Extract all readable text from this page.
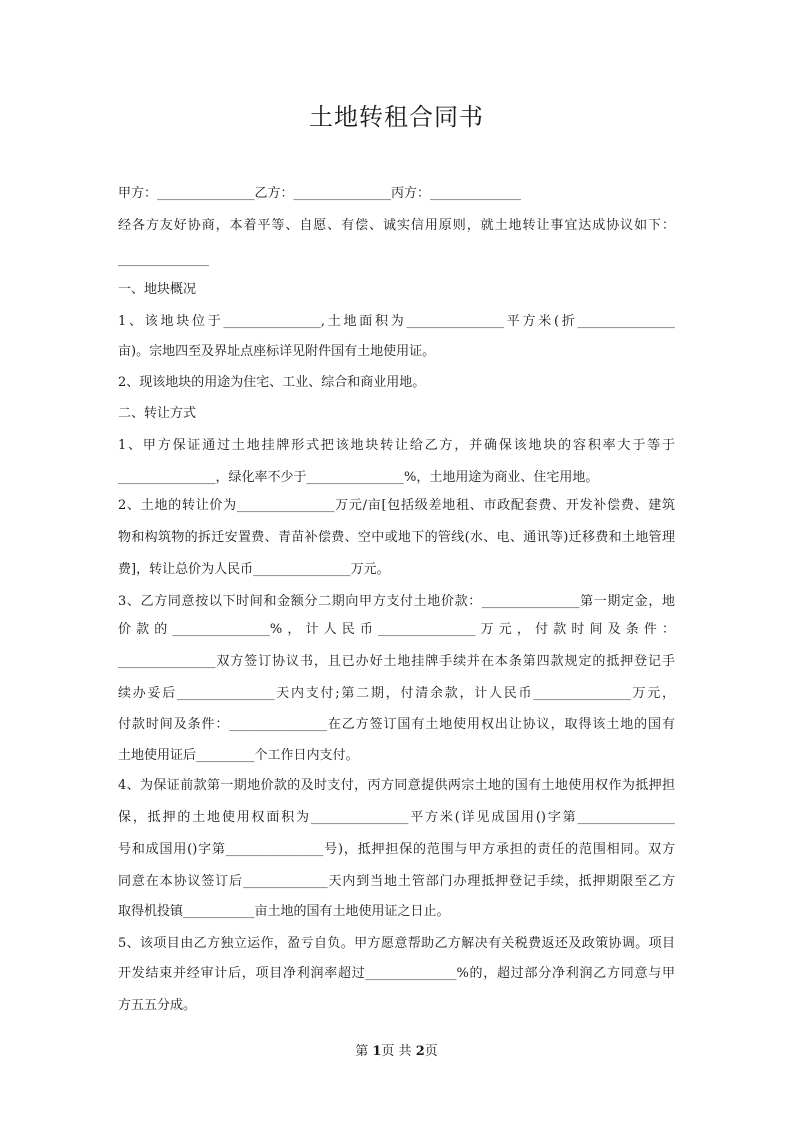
土地转租合同书
甲方：_______________乙方：_______________丙方：______________
经各方友好协商，本着平等、自愿、有偿、诚实信用原则，就土地转让事宜达成协议如下：
______________
一、地块概况
1、该地块位于_______________,土地面积为_______________平方米(折_______________
亩)。宗地四至及界址点座标详见附件国有土地使用证。
2、现该地块的用途为住宅、工业、综合和商业用地。
二、转让方式
1、甲方保证通过土地挂牌形式把该地块转让给乙方，并确保该地块的容积率大于等于
_______________，绿化率不少于_______________%，土地用途为商业、住宅用地。
2、土地的转让价为_______________万元/亩[包括级差地租、市政配套费、开发补偿费、建筑
物和构筑物的拆迁安置费、青苗补偿费、空中或地下的管线(水、电、通讯等)迁移费和土地管理
费]，转让总价为人民币_______________万元。
3、乙方同意按以下时间和金额分二期向甲方支付土地价款：_______________第一期定金，地
价款的_______________%，计人民币_______________万元，付款时间及条件：
_______________双方签订协议书，且已办好土地挂牌手续并在本条第四款规定的抵押登记手
续办妥后_______________天内支付;第二期，付清余款，计人民币_______________万元，
付款时间及条件：_______________在乙方签订国有土地使用权出让协议，取得该土地的国有
土地使用证后_________个工作日内支付。
4、为保证前款第一期地价款的及时支付，丙方同意提供两宗土地的国有土地使用权作为抵押担
保，抵押的土地使用权面积为_______________平方米(详见成国用()字第_______________
号和成国用()字第_______________号)，抵押担保的范围与甲方承担的责任的范围相同。双方
同意在本协议签订后_____________天内到当地土管部门办理抵押登记手续，抵押期限至乙方
取得机投镇___________亩土地的国有土地使用证之日止。
5、该项目由乙方独立运作，盈亏自负。甲方愿意帮助乙方解决有关税费返还及政策协调。项目
开发结束并经审计后，项目净利润率超过______________%的，超过部分净利润乙方同意与甲
方五五分成。
第 1页 共 2页
